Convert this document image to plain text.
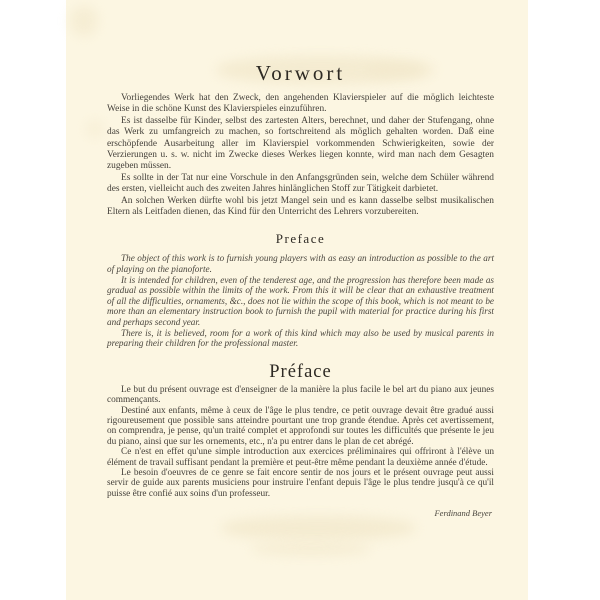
Vorwort

Vorliegendes Werk hat den Zweck, den angehenden Klavierspieler auf die möglich leichteste Weise in die schöne Kunst des Klavierspieles einzuführen.

Es ist dasselbe für Kinder, selbst des zartesten Alters, berechnet, und daher der Stufengang, ohne das Werk zu umfangreich zu machen, so fortschreitend als möglich gehalten worden. Daß eine erschöpfende Ausarbeitung aller im Klavierspiel vorkommenden Schwierigkeiten, sowie der Verzierungen u. s. w. nicht im Zwecke dieses Werkes liegen konnte, wird man nach dem Gesagten zugeben müssen.

Es sollte in der Tat nur eine Vorschule in den Anfangsgründen sein, welche dem Schüler während des ersten, vielleicht auch des zweiten Jahres hinlänglichen Stoff zur Tätigkeit darbietet.

An solchen Werken dürfte wohl bis jetzt Mangel sein und es kann dasselbe selbst musikalischen Eltern als Leitfaden dienen, das Kind für den Unterricht des Lehrers vorzubereiten.

Preface

The object of this work is to furnish young players with as easy an introduction as possible to the art of playing on the pianoforte.

It is intended for children, even of the tenderest age, and the progression has therefore been made as gradual as possible within the limits of the work. From this it will be clear that an exhaustive treatment of all the difficulties, ornaments, &c., does not lie within the scope of this book, which is not meant to be more than an elementary instruction book to furnish the pupil with material for practice during his first and perhaps second year.

There is, it is believed, room for a work of this kind which may also be used by musical parents in preparing their children for the professional master.

Préface

Le but du présent ouvrage est d'enseigner de la manière la plus facile le bel art du piano aux jeunes commençants.

Destiné aux enfants, même à ceux de l'âge le plus tendre, ce petit ouvrage devait être gradué aussi rigoureusement que possible sans atteindre pourtant une trop grande étendue. Après cet avertissement, on comprendra, je pense, qu'un traité complet et approfondi sur toutes les difficultés que présente le jeu du piano, ainsi que sur les ornements, etc., n'a pu entrer dans le plan de cet abrégé.

Ce n'est en effet qu'une simple introduction aux exercices préliminaires qui offriront à l'élève un élément de travail suffisant pendant la première et peut-être même pendant la deuxième année d'étude.

Le besoin d'oeuvres de ce genre se fait encore sentir de nos jours et le présent ouvrage peut aussi servir de guide aux parents musiciens pour instruire l'enfant depuis l'âge le plus tendre jusqu'à ce qu'il puisse être confié aux soins d'un professeur.

Ferdinand Beyer
